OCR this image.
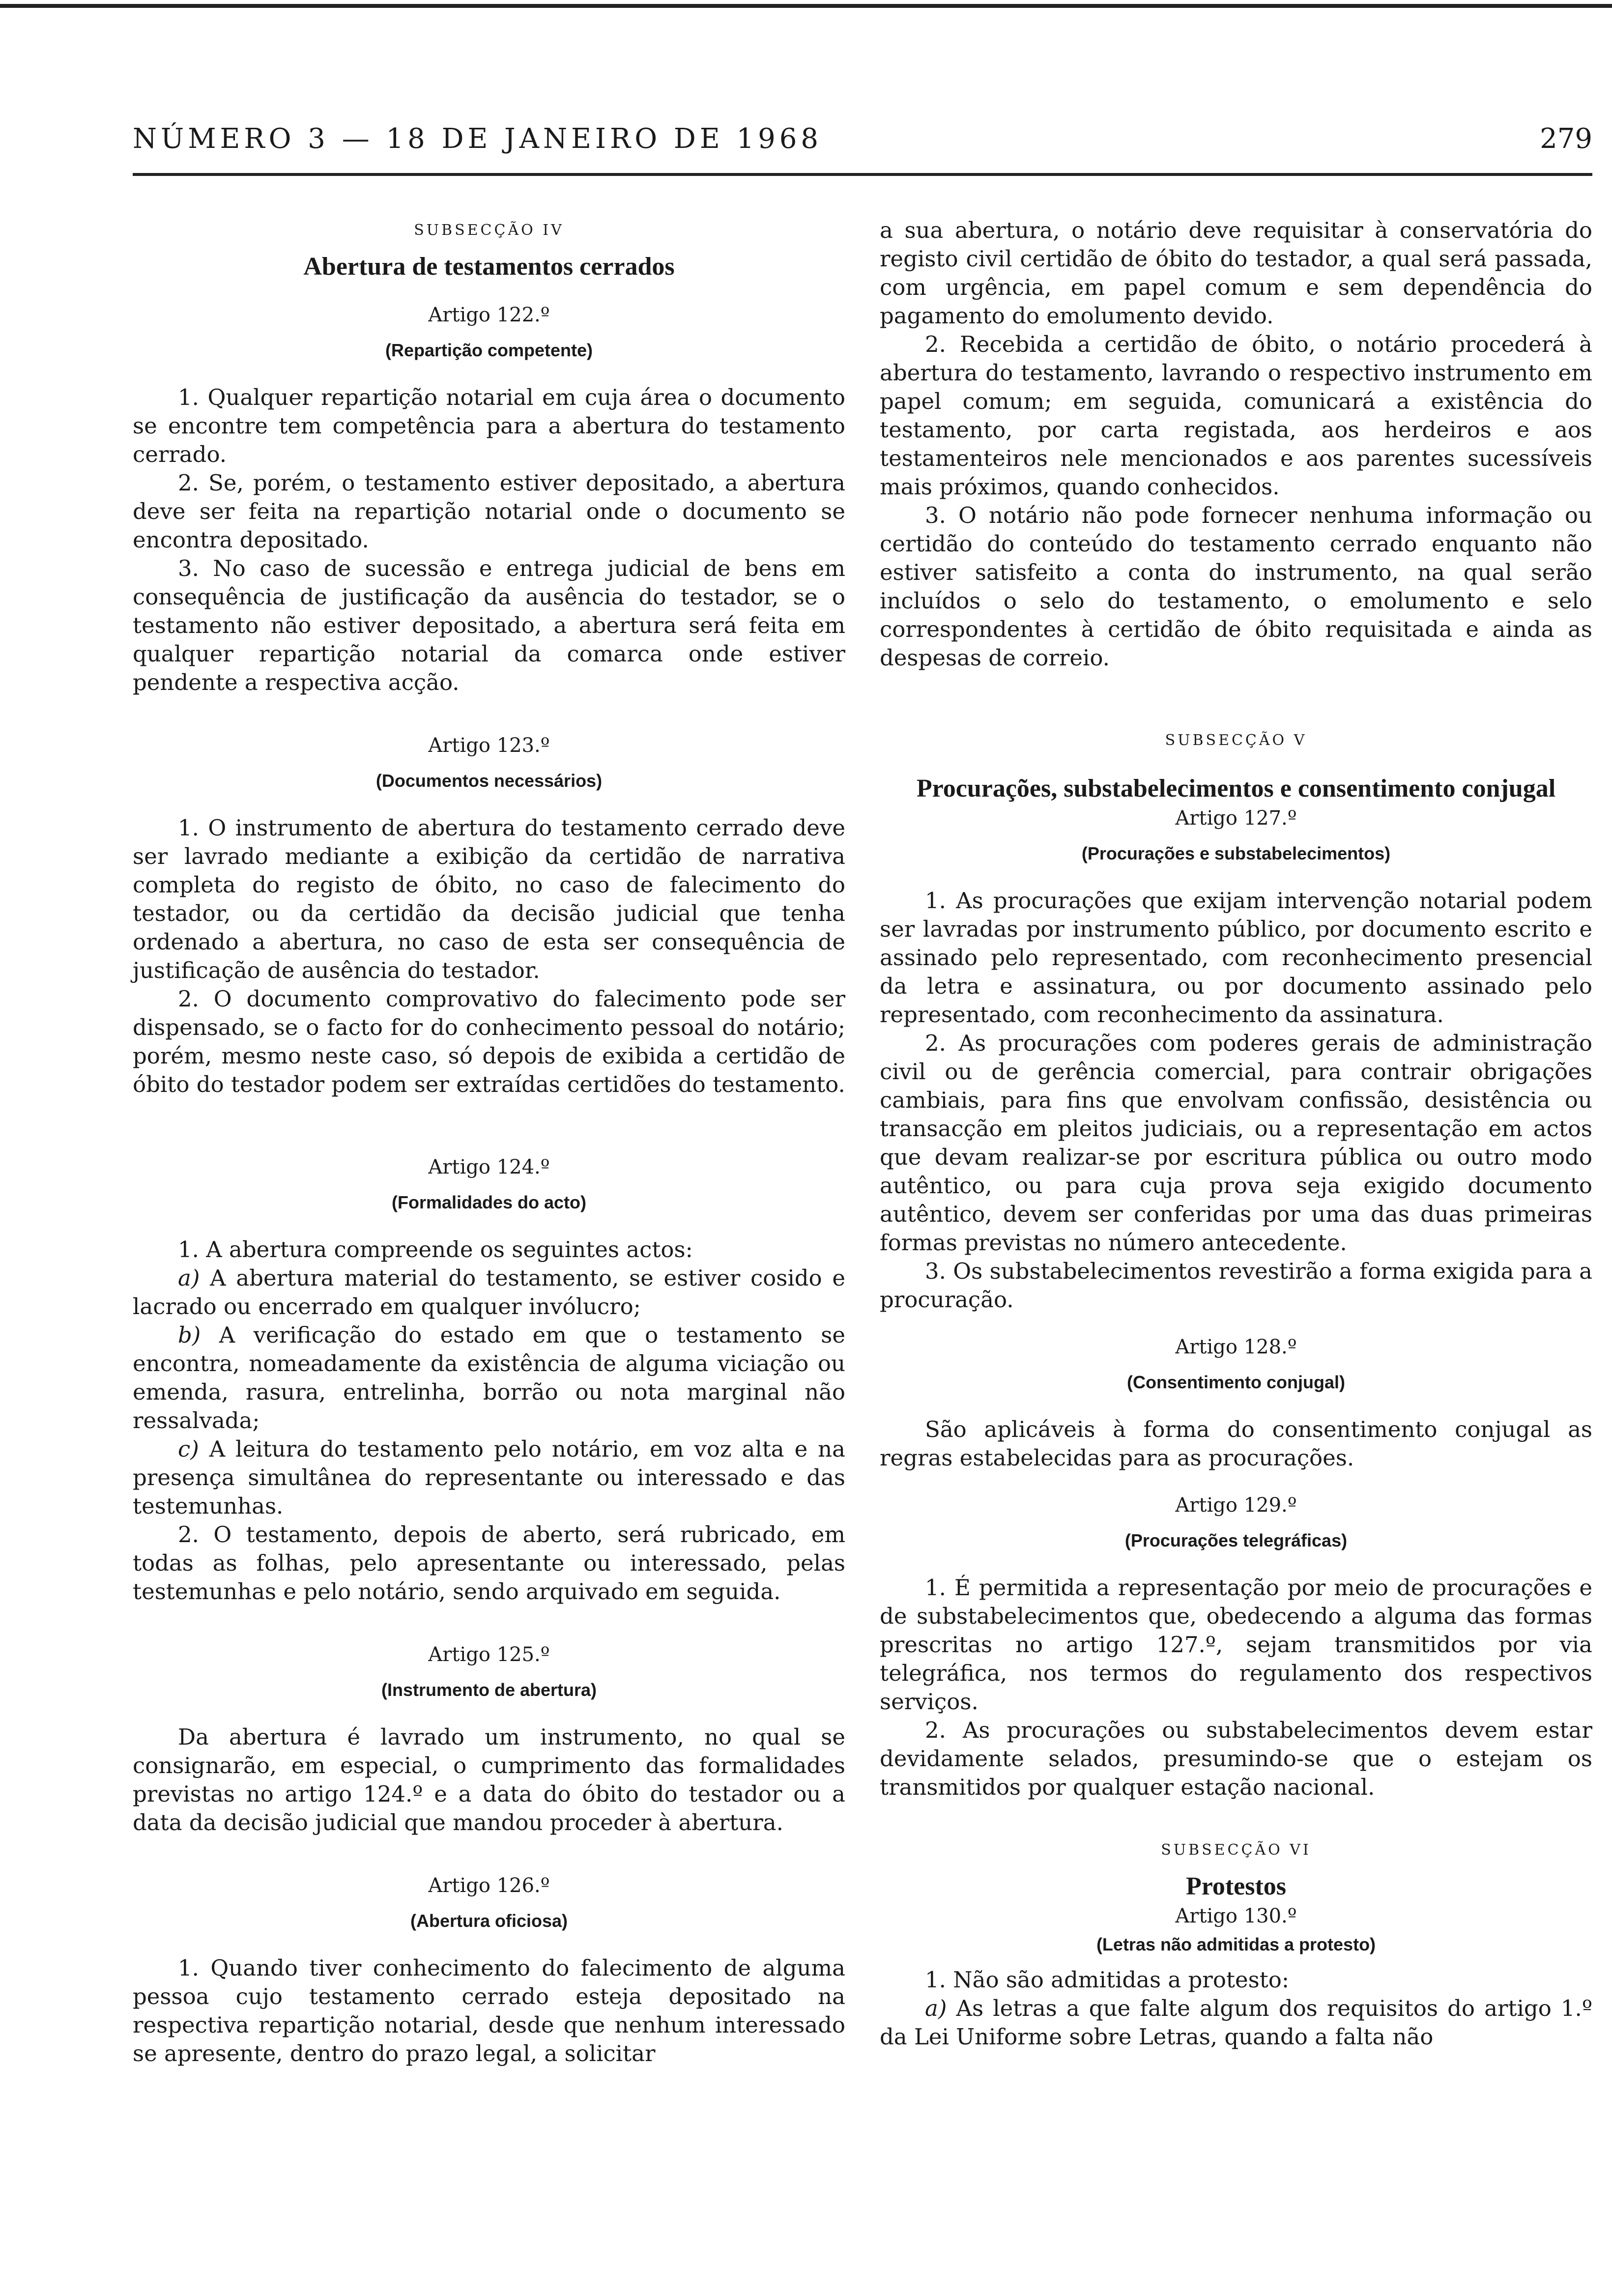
NÚMERO 3 — 18 DE JANEIRO DE 1968	279

SUBSECÇÃO IV

Abertura de testamentos cerrados

Artigo 122.º

(Repartição competente)

1. Qualquer repartição notarial em cuja área o documento se encontre tem competência para a abertura do testamento cerrado.

2. Se, porém, o testamento estiver depositado, a abertura deve ser feita na repartição notarial onde o documento se encontra depositado.

3. No caso de sucessão e entrega judicial de bens em consequência de justificação da ausência do testador, se o testamento não estiver depositado, a abertura será feita em qualquer repartição notarial da comarca onde estiver pendente a respectiva acção.

Artigo 123.º

(Documentos necessários)

1. O instrumento de abertura do testamento cerrado deve ser lavrado mediante a exibição da certidão de narrativa completa do registo de óbito, no caso de falecimento do testador, ou da certidão da decisão judicial que tenha ordenado a abertura, no caso de esta ser consequência de justificação de ausência do testador.

2. O documento comprovativo do falecimento pode ser dispensado, se o facto for do conhecimento pessoal do notário; porém, mesmo neste caso, só depois de exibida a certidão de óbito do testador podem ser extraídas certidões do testamento.

Artigo 124.º

(Formalidades do acto)

1. A abertura compreende os seguintes actos:

a) A abertura material do testamento, se estiver cosido e lacrado ou encerrado em qualquer invólucro;

b) A verificação do estado em que o testamento se encontra, nomeadamente da existência de alguma viciação ou emenda, rasura, entrelinha, borrão ou nota marginal não ressalvada;

c) A leitura do testamento pelo notário, em voz alta e na presença simultânea do representante ou interessado e das testemunhas.

2. O testamento, depois de aberto, será rubricado, em todas as folhas, pelo apresentante ou interessado, pelas testemunhas e pelo notário, sendo arquivado em seguida.

Artigo 125.º

(Instrumento de abertura)

Da abertura é lavrado um instrumento, no qual se consignarão, em especial, o cumprimento das formalidades previstas no artigo 124.º e a data do óbito do testador ou a data da decisão judicial que mandou proceder à abertura.

Artigo 126.º

(Abertura oficiosa)

1. Quando tiver conhecimento do falecimento de alguma pessoa cujo testamento cerrado esteja depositado na respectiva repartição notarial, desde que nenhum interessado se apresente, dentro do prazo legal, a solicitar

a sua abertura, o notário deve requisitar à conservatória do registo civil certidão de óbito do testador, a qual será passada, com urgência, em papel comum e sem dependência do pagamento do emolumento devido.

2. Recebida a certidão de óbito, o notário procederá à abertura do testamento, lavrando o respectivo instrumento em papel comum; em seguida, comunicará a existência do testamento, por carta registada, aos herdeiros e aos testamenteiros nele mencionados e aos parentes sucessíveis mais próximos, quando conhecidos.

3. O notário não pode fornecer nenhuma informação ou certidão do conteúdo do testamento cerrado enquanto não estiver satisfeito a conta do instrumento, na qual serão incluídos o selo do testamento, o emolumento e selo correspondentes à certidão de óbito requisitada e ainda as despesas de correio.

SUBSECÇÃO V

Procurações, substabelecimentos e consentimento conjugal

Artigo 127.º

(Procurações e substabelecimentos)

1. As procurações que exijam intervenção notarial podem ser lavradas por instrumento público, por documento escrito e assinado pelo representado, com reconhecimento presencial da letra e assinatura, ou por documento assinado pelo representado, com reconhecimento da assinatura.

2. As procurações com poderes gerais de administração civil ou de gerência comercial, para contrair obrigações cambiais, para fins que envolvam confissão, desistência ou transacção em pleitos judiciais, ou a representação em actos que devam realizar-se por escritura pública ou outro modo autêntico, ou para cuja prova seja exigido documento autêntico, devem ser conferidas por uma das duas primeiras formas previstas no número antecedente.

3. Os substabelecimentos revestirão a forma exigida para a procuração.

Artigo 128.º

(Consentimento conjugal)

São aplicáveis à forma do consentimento conjugal as regras estabelecidas para as procurações.

Artigo 129.º

(Procurações telegráficas)

1. É permitida a representação por meio de procurações e de substabelecimentos que, obedecendo a alguma das formas prescritas no artigo 127.º, sejam transmitidos por via telegráfica, nos termos do regulamento dos respectivos serviços.

2. As procurações ou substabelecimentos devem estar devidamente selados, presumindo-se que o estejam os transmitidos por qualquer estação nacional.

SUBSECÇÃO VI

Protestos

Artigo 130.º

(Letras não admitidas a protesto)

1. Não são admitidas a protesto:

a) As letras a que falte algum dos requisitos do artigo 1.º da Lei Uniforme sobre Letras, quando a falta não
